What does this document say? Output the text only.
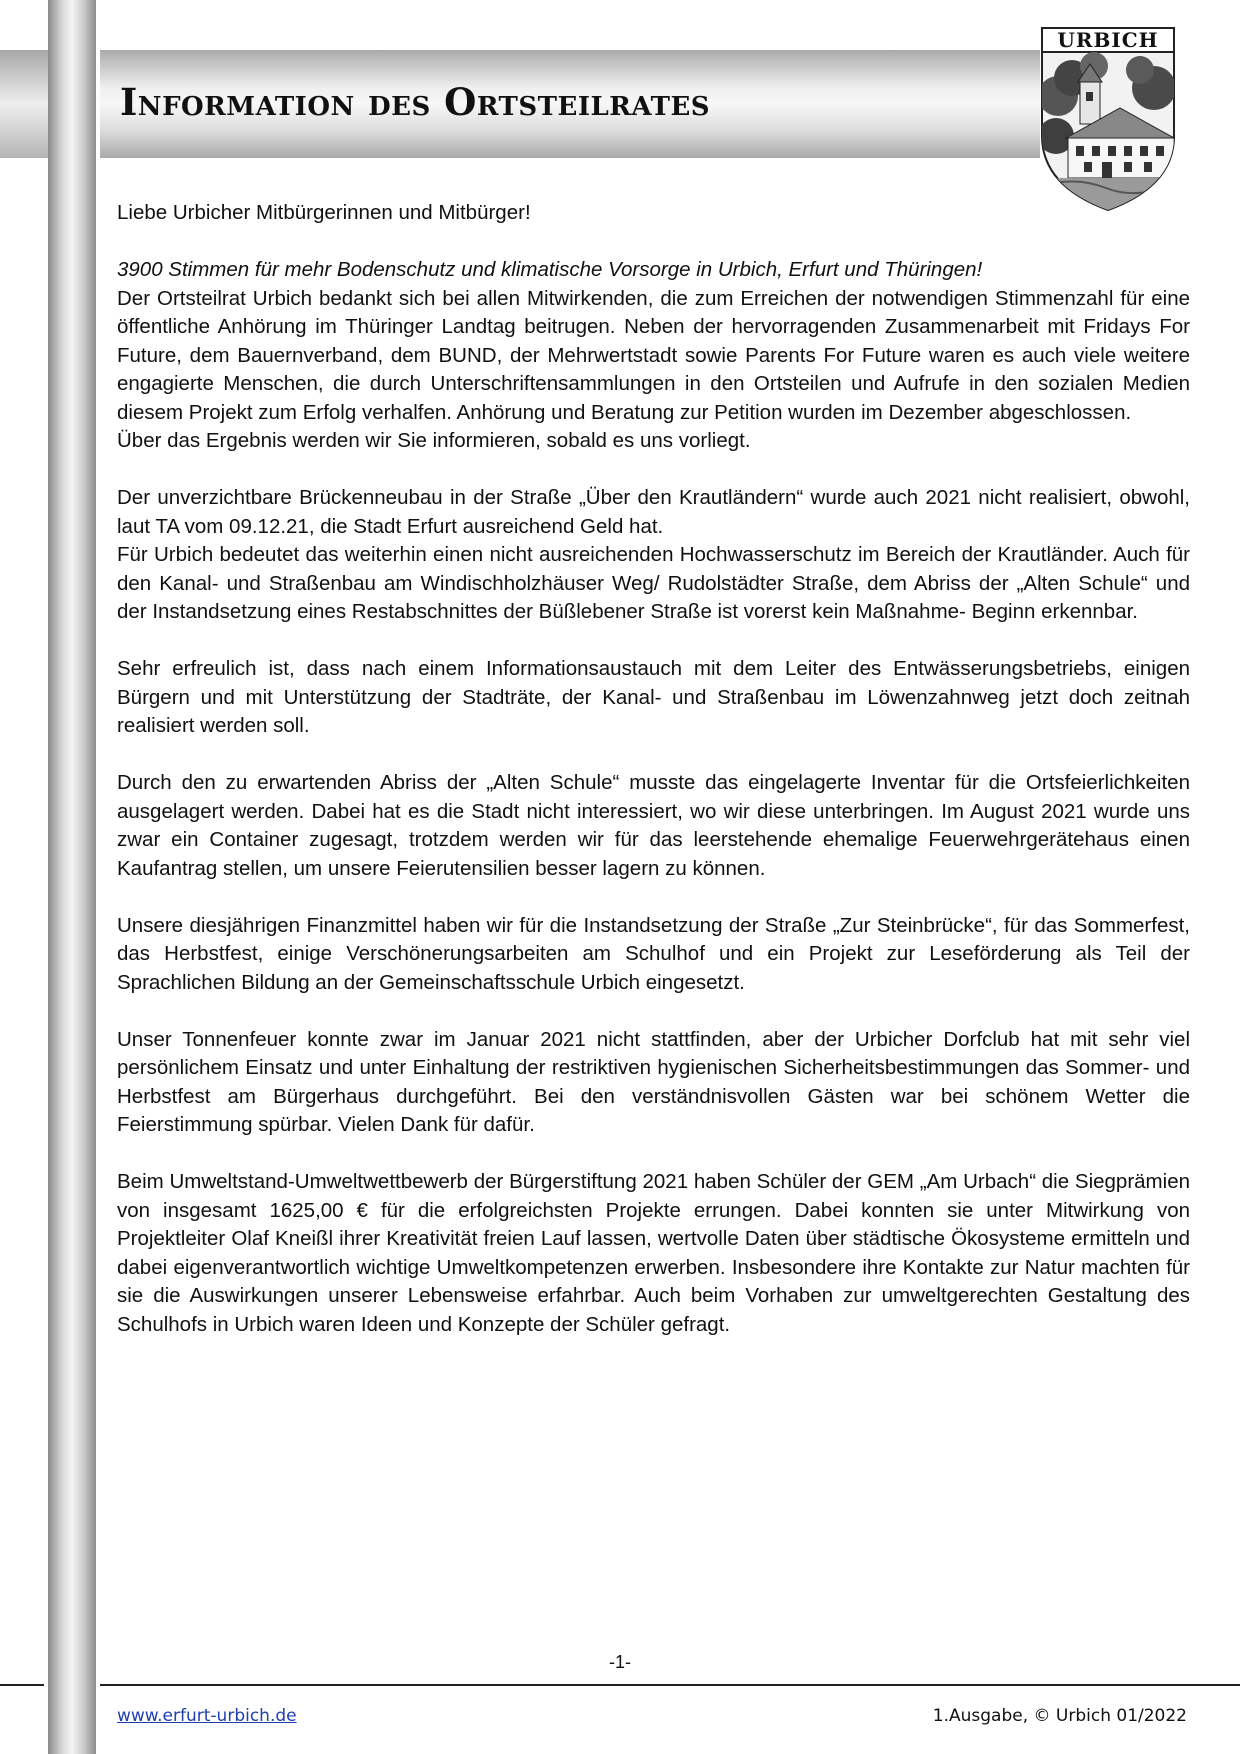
Information des Ortsteilrates
URBICH

Liebe Urbicher Mitbürgerinnen und Mitbürger!

3900 Stimmen für mehr Bodenschutz und klimatische Vorsorge in Urbich, Erfurt und Thüringen!
Der Ortsteilrat Urbich bedankt sich bei allen Mitwirkenden, die zum Erreichen der notwendigen Stimmenzahl für eine öffentliche Anhörung im Thüringer Landtag beitrugen. Neben der hervorragenden Zusammenarbeit mit Fridays For Future, dem Bauernverband, dem BUND, der Mehrwertstadt sowie Parents For Future waren es auch viele weitere engagierte Menschen, die durch Unterschriftensammlungen in den Ortsteilen und Aufrufe in den sozialen Medien diesem Projekt zum Erfolg verhalfen. Anhörung und Beratung zur Petition wurden im Dezember abgeschlossen.
Über das Ergebnis werden wir Sie informieren, sobald es uns vorliegt.

Der unverzichtbare Brückenneubau in der Straße „Über den Krautländern“ wurde auch 2021 nicht realisiert, obwohl, laut TA vom 09.12.21, die Stadt Erfurt ausreichend Geld hat.
Für Urbich bedeutet das weiterhin einen nicht ausreichenden Hochwasserschutz im Bereich der Krautländer. Auch für den Kanal- und Straßenbau am Windischholzhäuser Weg/ Rudolstädter Straße, dem Abriss der „Alten Schule“ und der Instandsetzung eines Restabschnittes der Büßlebener Straße ist vorerst kein Maßnahme- Beginn erkennbar.

Sehr erfreulich ist, dass nach einem Informationsaustauch mit dem Leiter des Entwässerungsbetriebs, einigen Bürgern und mit Unterstützung der Stadträte, der Kanal- und Straßenbau im Löwenzahnweg jetzt doch zeitnah realisiert werden soll.

Durch den zu erwartenden Abriss der „Alten Schule“ musste das eingelagerte Inventar für die Ortsfeierlichkeiten ausgelagert werden. Dabei hat es die Stadt nicht interessiert, wo wir diese unterbringen. Im August 2021 wurde uns zwar ein Container zugesagt, trotzdem werden wir für das leerstehende ehemalige Feuerwehrgerätehaus einen Kaufantrag stellen, um unsere Feierutensilien besser lagern zu können.

Unsere diesjährigen Finanzmittel haben wir für die Instandsetzung der Straße „Zur Steinbrücke“, für das Sommerfest, das Herbstfest, einige Verschönerungsarbeiten am Schulhof und ein Projekt zur Leseförderung als Teil der Sprachlichen Bildung an der Gemeinschaftsschule Urbich eingesetzt.

Unser Tonnenfeuer konnte zwar im Januar 2021 nicht stattfinden, aber der Urbicher Dorfclub hat mit sehr viel persönlichem Einsatz und unter Einhaltung der restriktiven hygienischen Sicherheitsbestimmungen das Sommer- und Herbstfest am Bürgerhaus durchgeführt. Bei den verständnisvollen Gästen war bei schönem Wetter die Feierstimmung spürbar. Vielen Dank für dafür.

Beim Umweltstand-Umweltwettbewerb der Bürgerstiftung 2021 haben Schüler der GEM „Am Urbach“ die Siegprämien von insgesamt 1625,00 € für die erfolgreichsten Projekte errungen. Dabei konnten sie unter Mitwirkung von Projektleiter Olaf Kneißl ihrer Kreativität freien Lauf lassen, wertvolle Daten über städtische Ökosysteme ermitteln und dabei eigenverantwortlich wichtige Umweltkompetenzen erwerben. Insbesondere ihre Kontakte zur Natur machten für sie die Auswirkungen unserer Lebensweise erfahrbar. Auch beim Vorhaben zur umweltgerechten Gestaltung des Schulhofs in Urbich waren Ideen und Konzepte der Schüler gefragt.

-1-
www.erfurt-urbich.de	1.Ausgabe, © Urbich 01/2022
